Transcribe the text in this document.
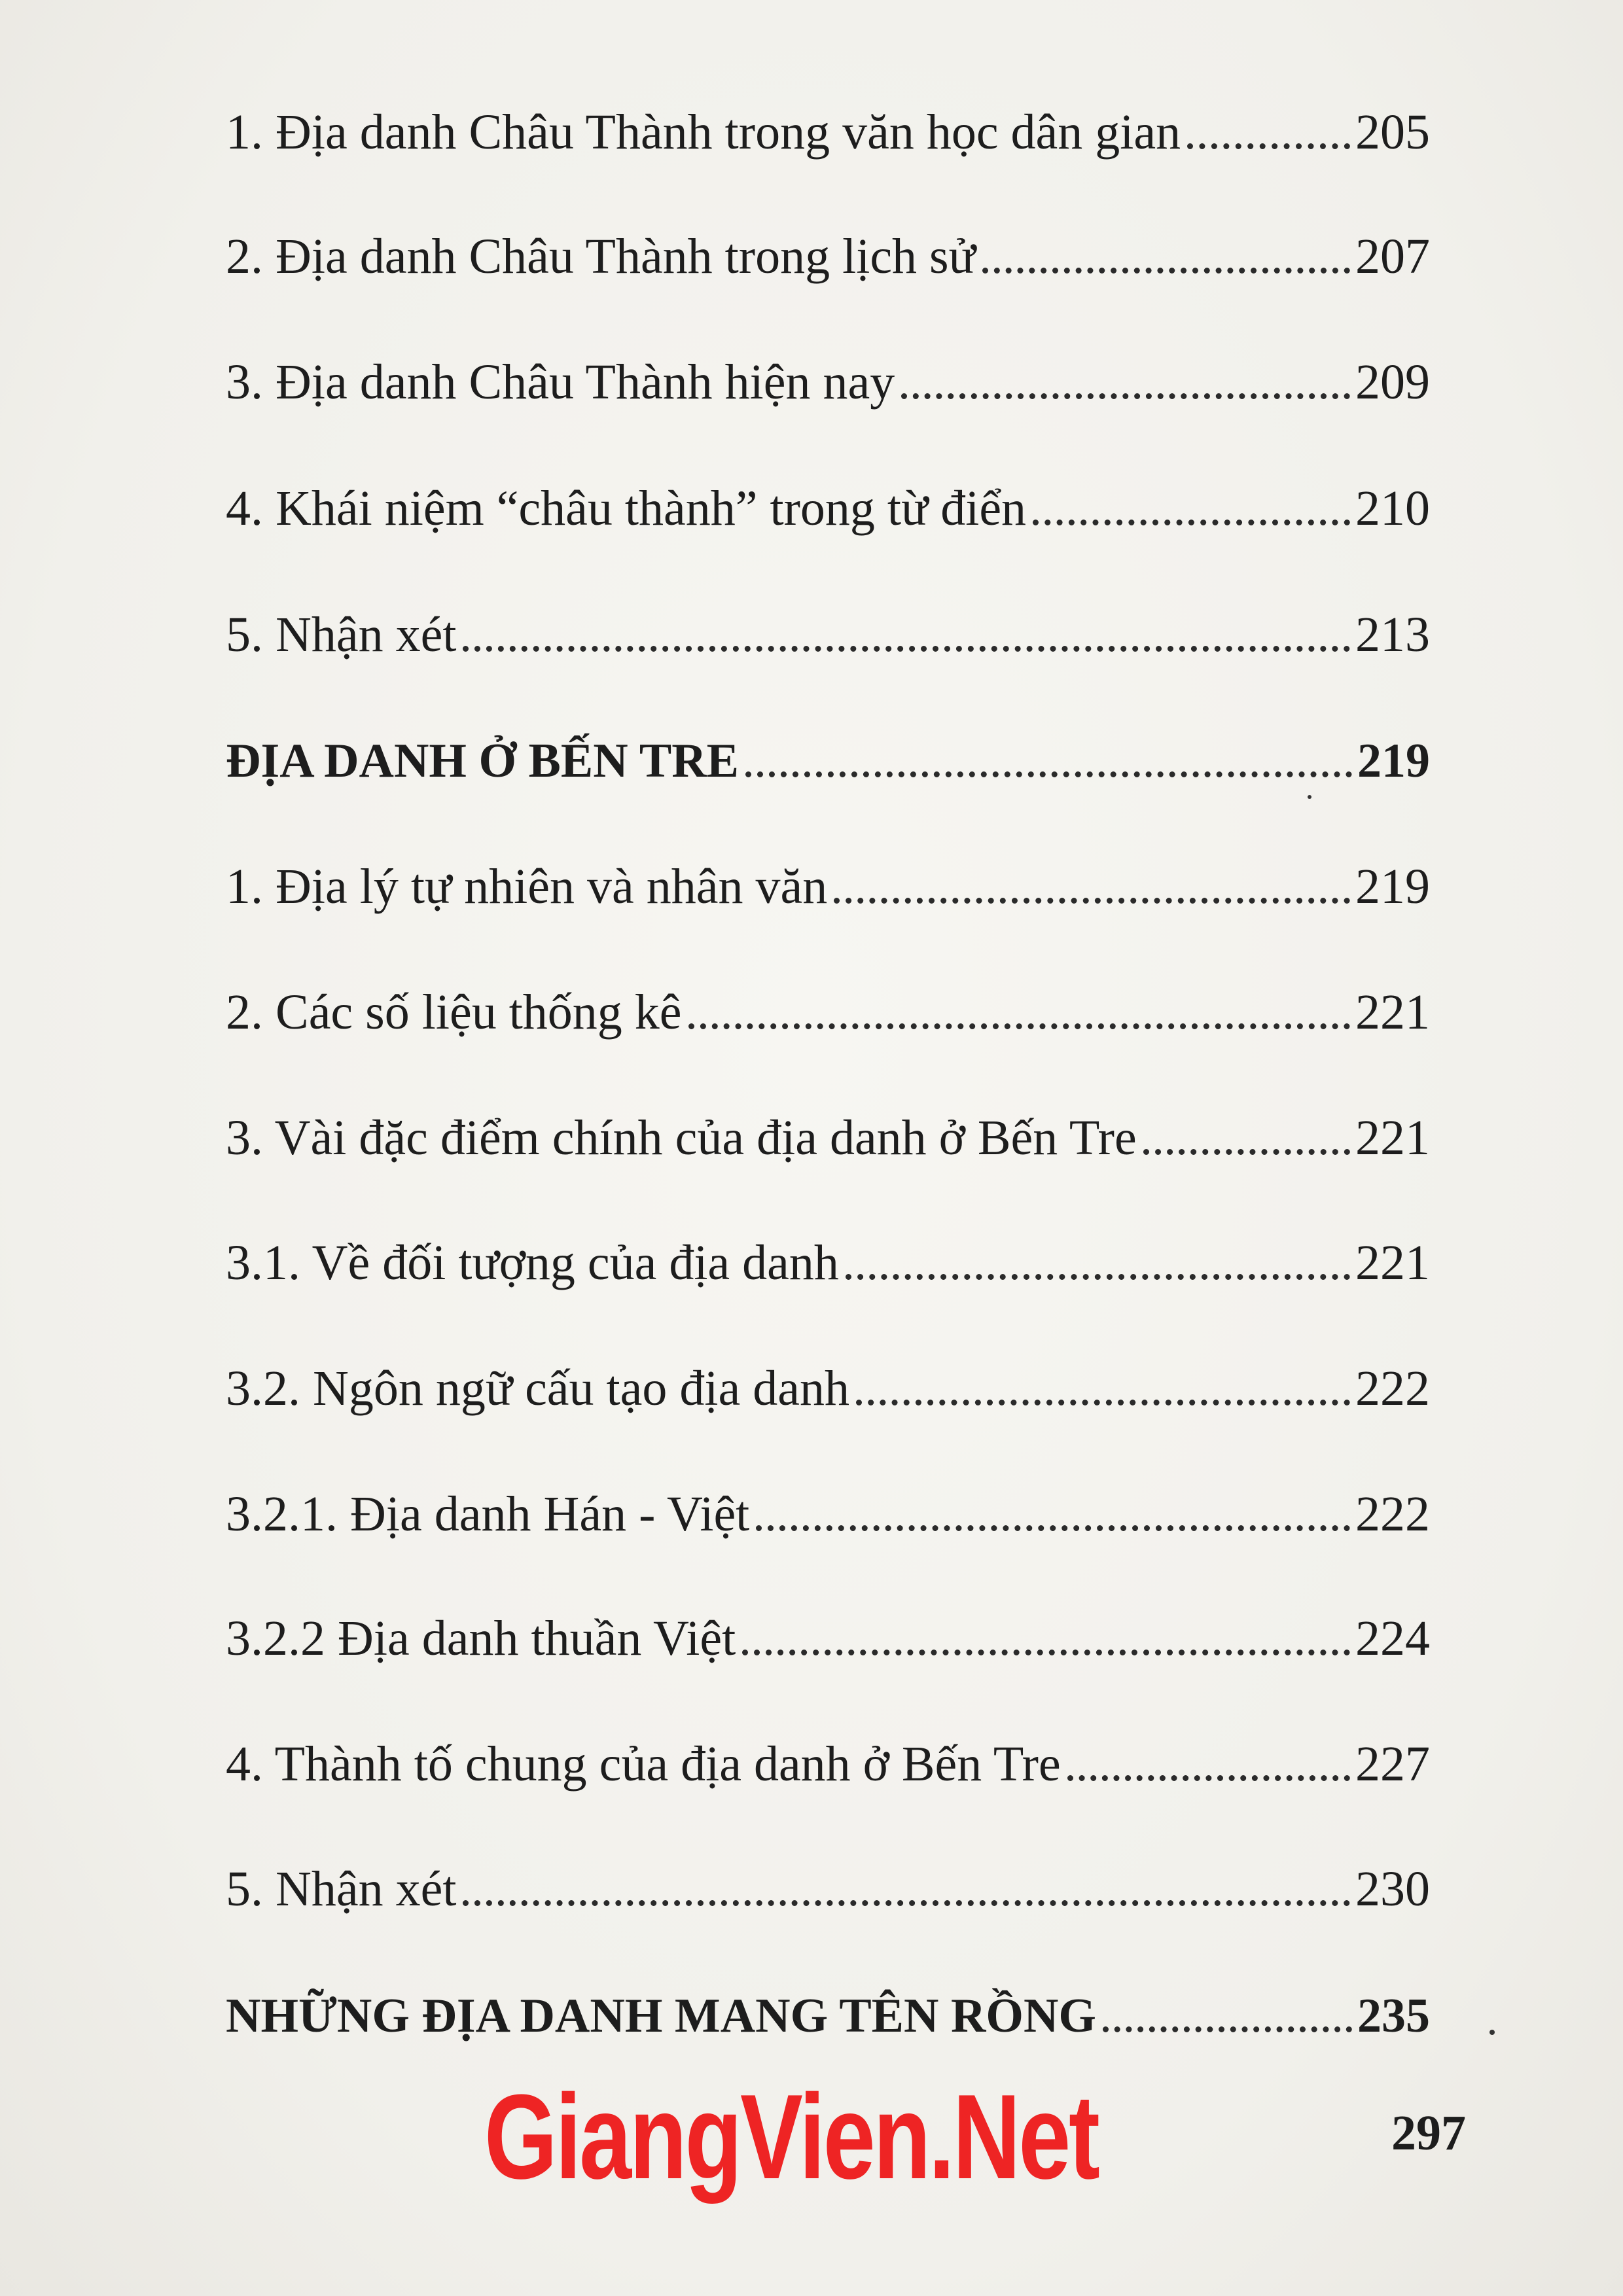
1. Địa danh Châu Thành trong văn học dân gian	205
2. Địa danh Châu Thành trong lịch sử	207
3. Địa danh Châu Thành hiện nay	209
4. Khái niệm “châu thành” trong từ điển	210
5. Nhận xét	213
ĐỊA DANH Ở BẾN TRE	219
1. Địa lý tự nhiên và nhân văn	219
2. Các số liệu thống kê	221
3. Vài đặc điểm chính của địa danh ở Bến Tre	221
3.1. Về đối tượng của địa danh	221
3.2. Ngôn ngữ cấu tạo địa danh	222
3.2.1. Địa danh Hán - Việt	222
3.2.2 Địa danh thuần Việt	224
4. Thành tố chung của địa danh ở Bến Tre	227
5. Nhận xét	230
NHỮNG ĐỊA DANH MANG TÊN RỒNG	235
GiangVien.Net	297
